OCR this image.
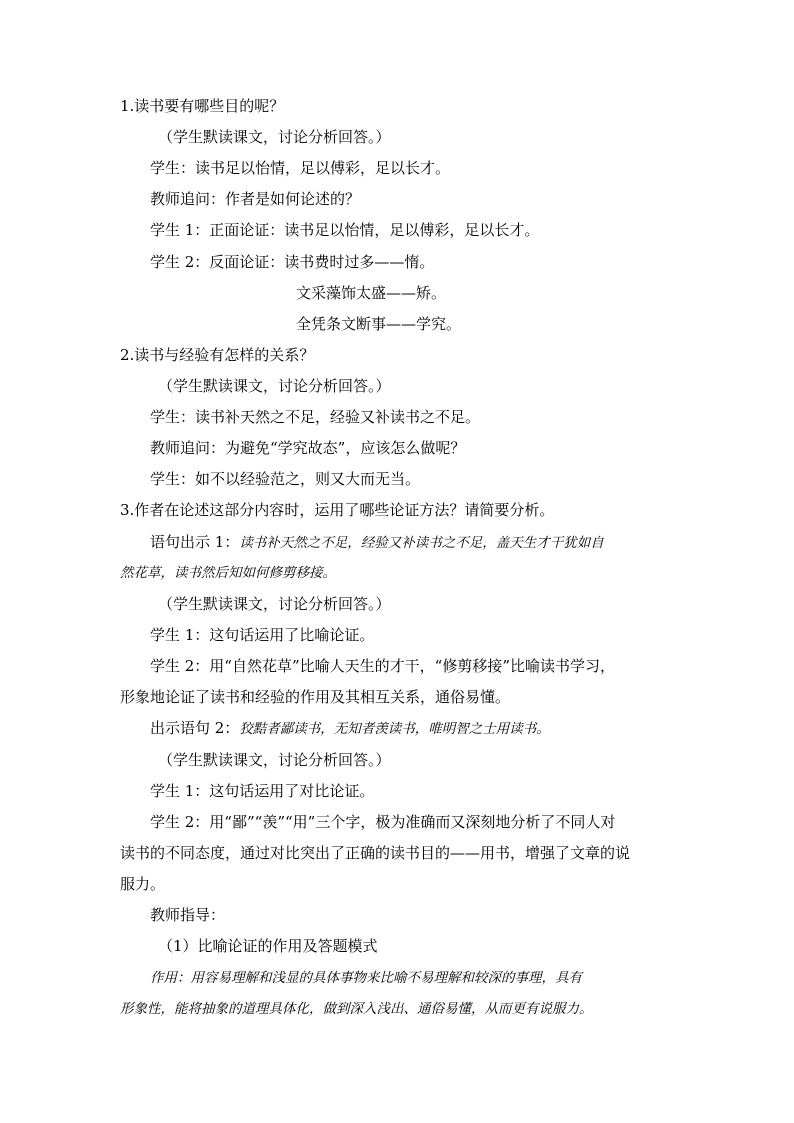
1.读书要有哪些目的呢？
（学生默读课文，讨论分析回答。）
学生：读书足以怡情，足以傅彩，足以长才。
教师追问：作者是如何论述的？
学生 1：正面论证：读书足以怡情，足以傅彩，足以长才。
学生 2：反面论证：读书费时过多——惰。
文采藻饰太盛——矫。
全凭条文断事——学究。
2.读书与经验有怎样的关系？
（学生默读课文，讨论分析回答。）
学生：读书补天然之不足，经验又补读书之不足。
教师追问：为避免“学究故态”，应该怎么做呢？
学生：如不以经验范之，则又大而无当。
3.作者在论述这部分内容时，运用了哪些论证方法？请简要分析。
语句出示 1：读书补天然之不足，经验又补读书之不足，盖天生才干犹如自
然花草，读书然后知如何修剪移接。
（学生默读课文，讨论分析回答。）
学生 1：这句话运用了比喻论证。
学生 2：用“自然花草”比喻人天生的才干，“修剪移接”比喻读书学习，
形象地论证了读书和经验的作用及其相互关系，通俗易懂。
出示语句 2：狡黠者鄙读书，无知者羡读书，唯明智之士用读书。
（学生默读课文，讨论分析回答。）
学生 1：这句话运用了对比论证。
学生 2：用“鄙”“羡”“用”三个字，极为准确而又深刻地分析了不同人对
读书的不同态度，通过对比突出了正确的读书目的——用书，增强了文章的说
服力。
教师指导：
（1）比喻论证的作用及答题模式
作用：用容易理解和浅显的具体事物来比喻不易理解和较深的事理，具有
形象性，能将抽象的道理具体化，做到深入浅出、通俗易懂，从而更有说服力。
